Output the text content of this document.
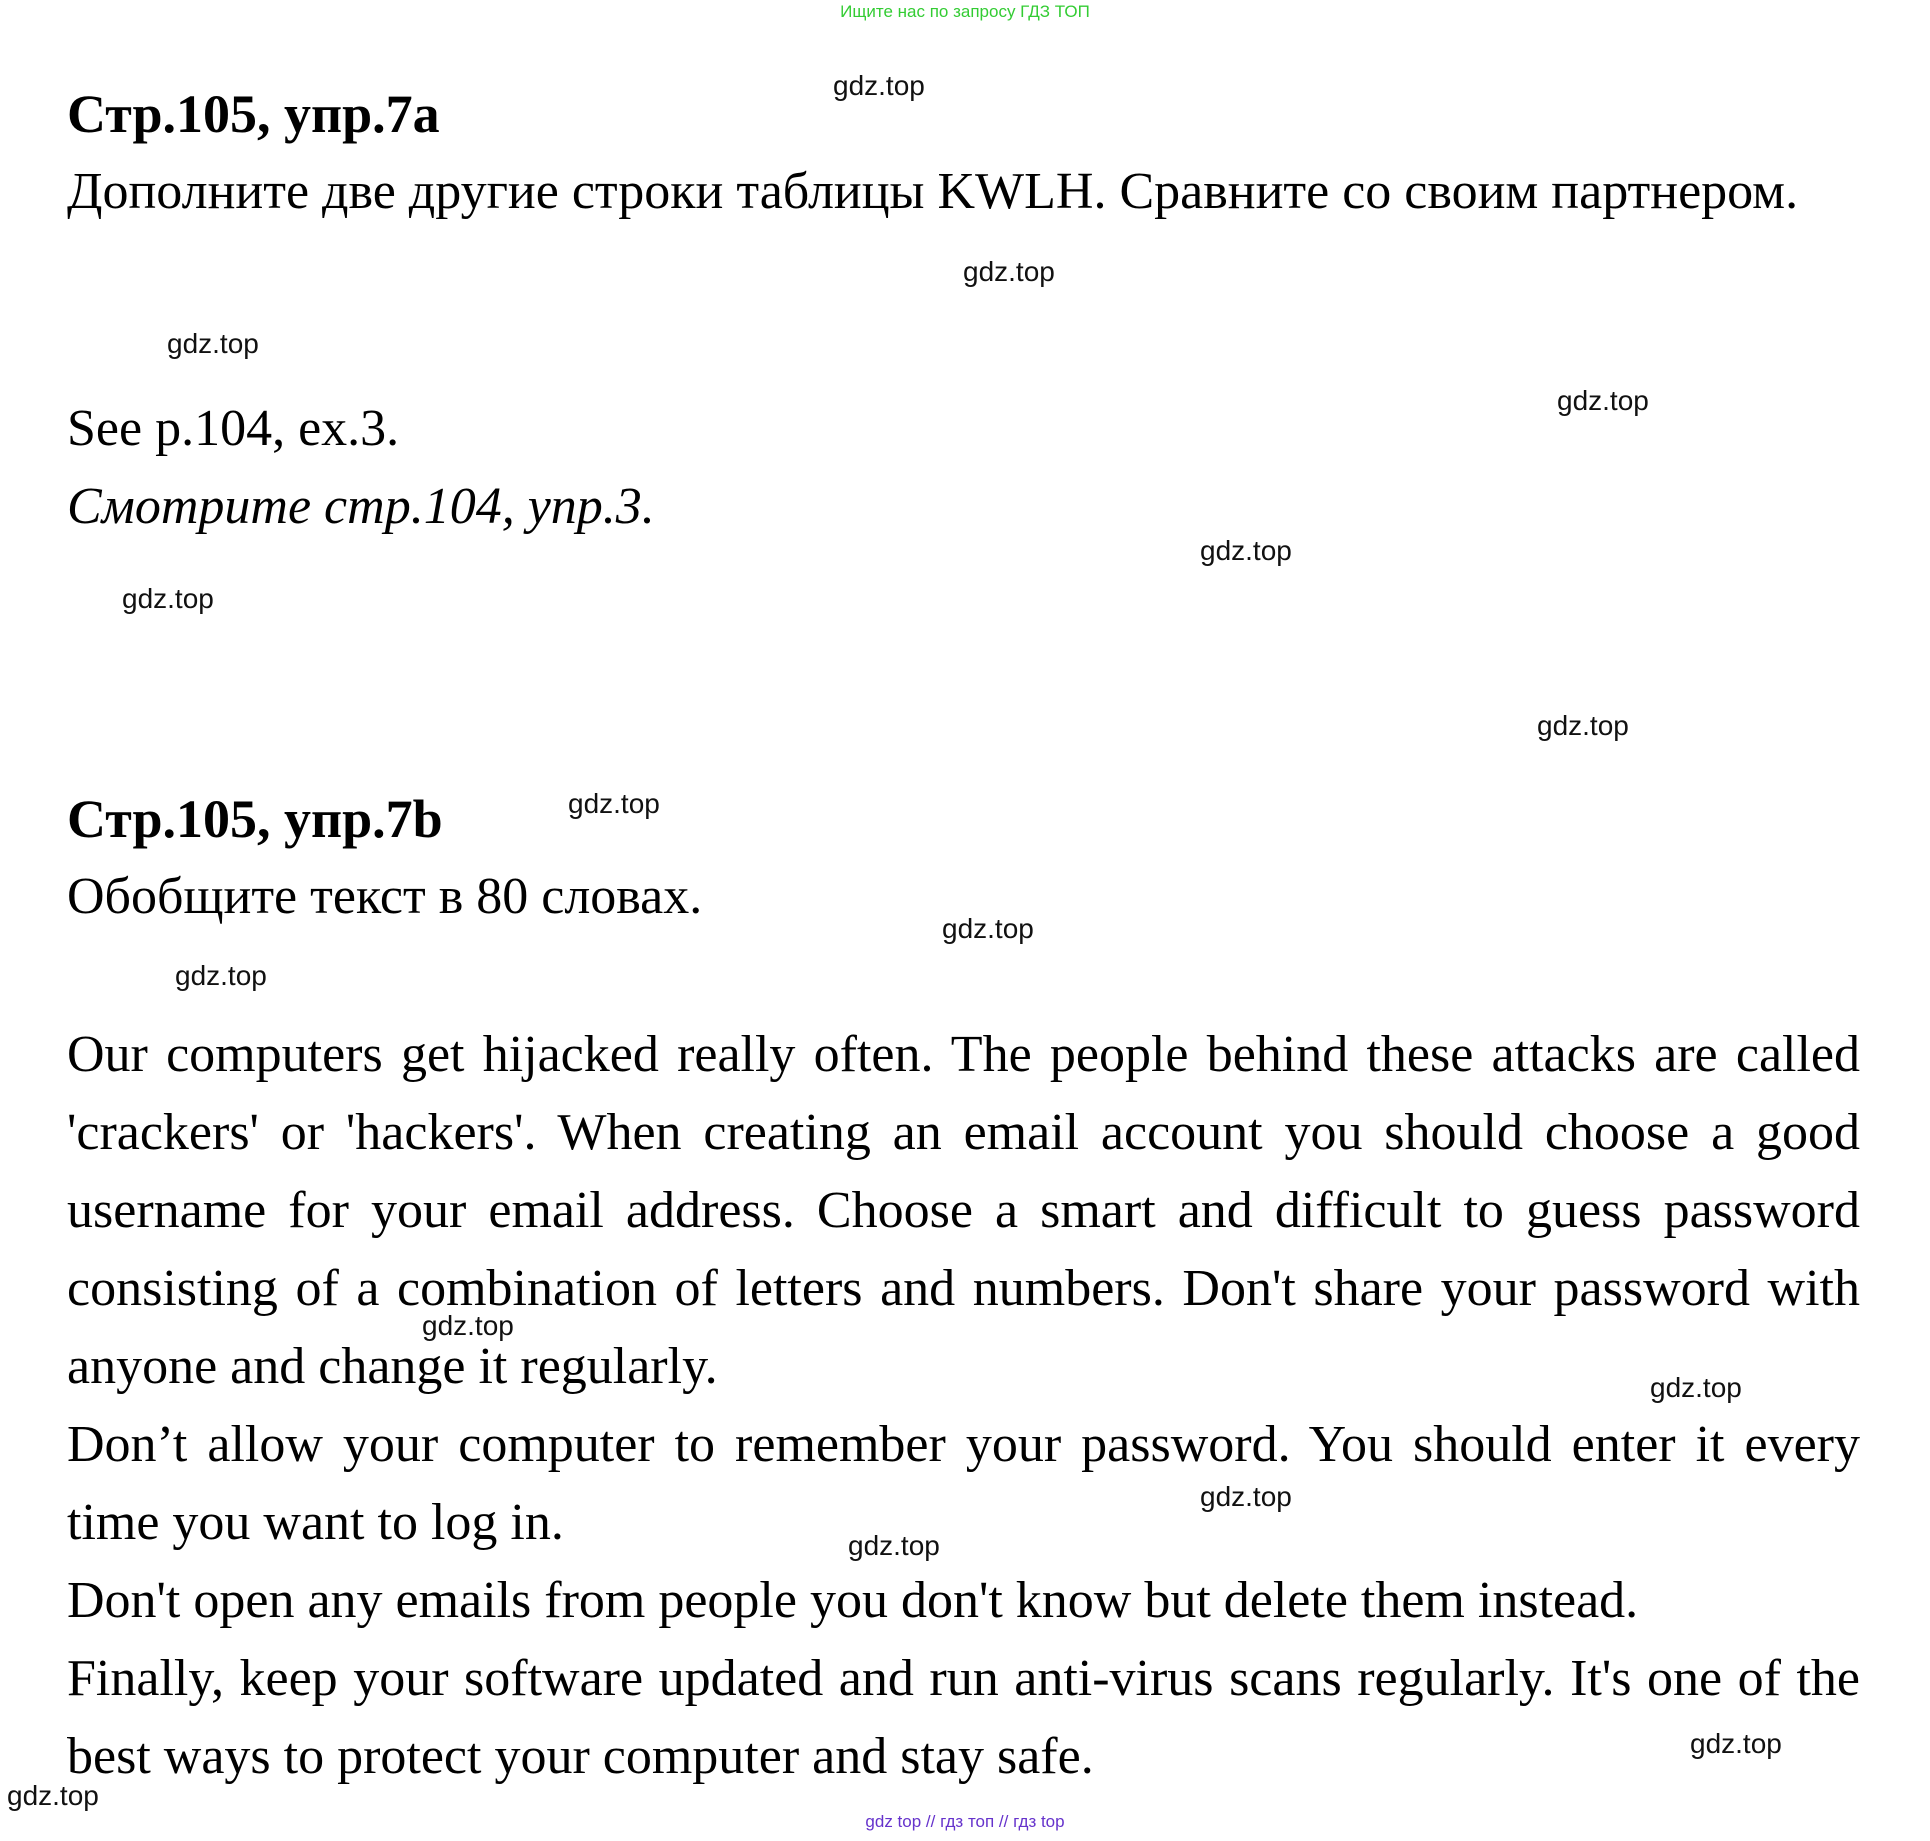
Ищите нас по запросу ГДЗ ТОП

Стр.105, упр.7a

Дополните две другие строки таблицы KWLH. Сравните со своим партнером.

See p.104, ex.3.

Смотрите стр.104, упр.3.

Стр.105, упр.7b

Обобщите текст в 80 словах.

Our computers get hijacked really often. The people behind these attacks are called 'crackers' or 'hackers'. When creating an email account you should choose a good username for your email address. Choose a smart and difficult to guess password consisting of a combination of letters and numbers. Don't share your password with anyone and change it regularly.

Don’t allow your computer to remember your password. You should enter it every time you want to log in.

Don't open any emails from people you don't know but delete them instead.

Finally, keep your software updated and run anti-virus scans regularly. It's one of the best ways to protect your computer and stay safe.

gdz.top
gdz.top
gdz.top
gdz.top
gdz.top
gdz.top
gdz.top
gdz.top
gdz.top
gdz.top
gdz.top
gdz.top
gdz.top
gdz.top
gdz.top
gdz.top
gdz top // гдз топ // гдз top
